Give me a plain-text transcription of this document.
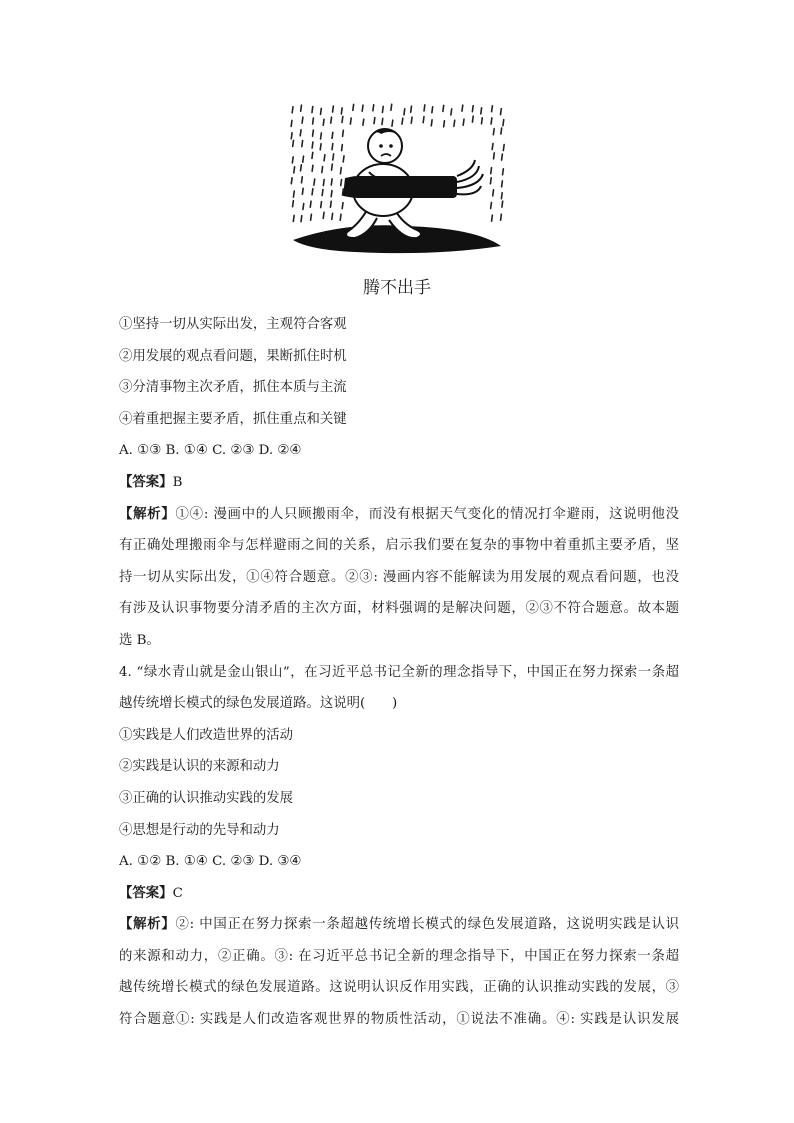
腾不出手
①坚持一切从实际出发，主观符合客观
②用发展的观点看问题，果断抓住时机
③分清事物主次矛盾，抓住本质与主流
④着重把握主要矛盾，抓住重点和关键
A. ①③ B. ①④ C. ②③ D. ②④
【答案】B
【解析】①④: 漫画中的人只顾搬雨伞，而没有根据天气变化的情况打伞避雨，这说明他没
有正确处理搬雨伞与怎样避雨之间的关系，启示我们要在复杂的事物中着重抓主要矛盾，坚
持一切从实际出发，①④符合题意。②③: 漫画内容不能解读为用发展的观点看问题，也没
有涉及认识事物要分清矛盾的主次方面，材料强调的是解决问题，②③不符合题意。故本题
选 B。
4. “绿水青山就是金山银山”，在习近平总书记全新的理念指导下，中国正在努力探索一条超
越传统增长模式的绿色发展道路。这说明(　　)
①实践是人们改造世界的活动
②实践是认识的来源和动力
③正确的认识推动实践的发展
④思想是行动的先导和动力
A. ①② B. ①④ C. ②③ D. ③④
【答案】C
【解析】②: 中国正在努力探索一条超越传统增长模式的绿色发展道路，这说明实践是认识
的来源和动力，②正确。③: 在习近平总书记全新的理念指导下，中国正在努力探索一条超
越传统增长模式的绿色发展道路。这说明认识反作用实践，正确的认识推动实践的发展，③
符合题意①: 实践是人们改造客观世界的物质性活动，①说法不准确。④: 实践是认识发展
